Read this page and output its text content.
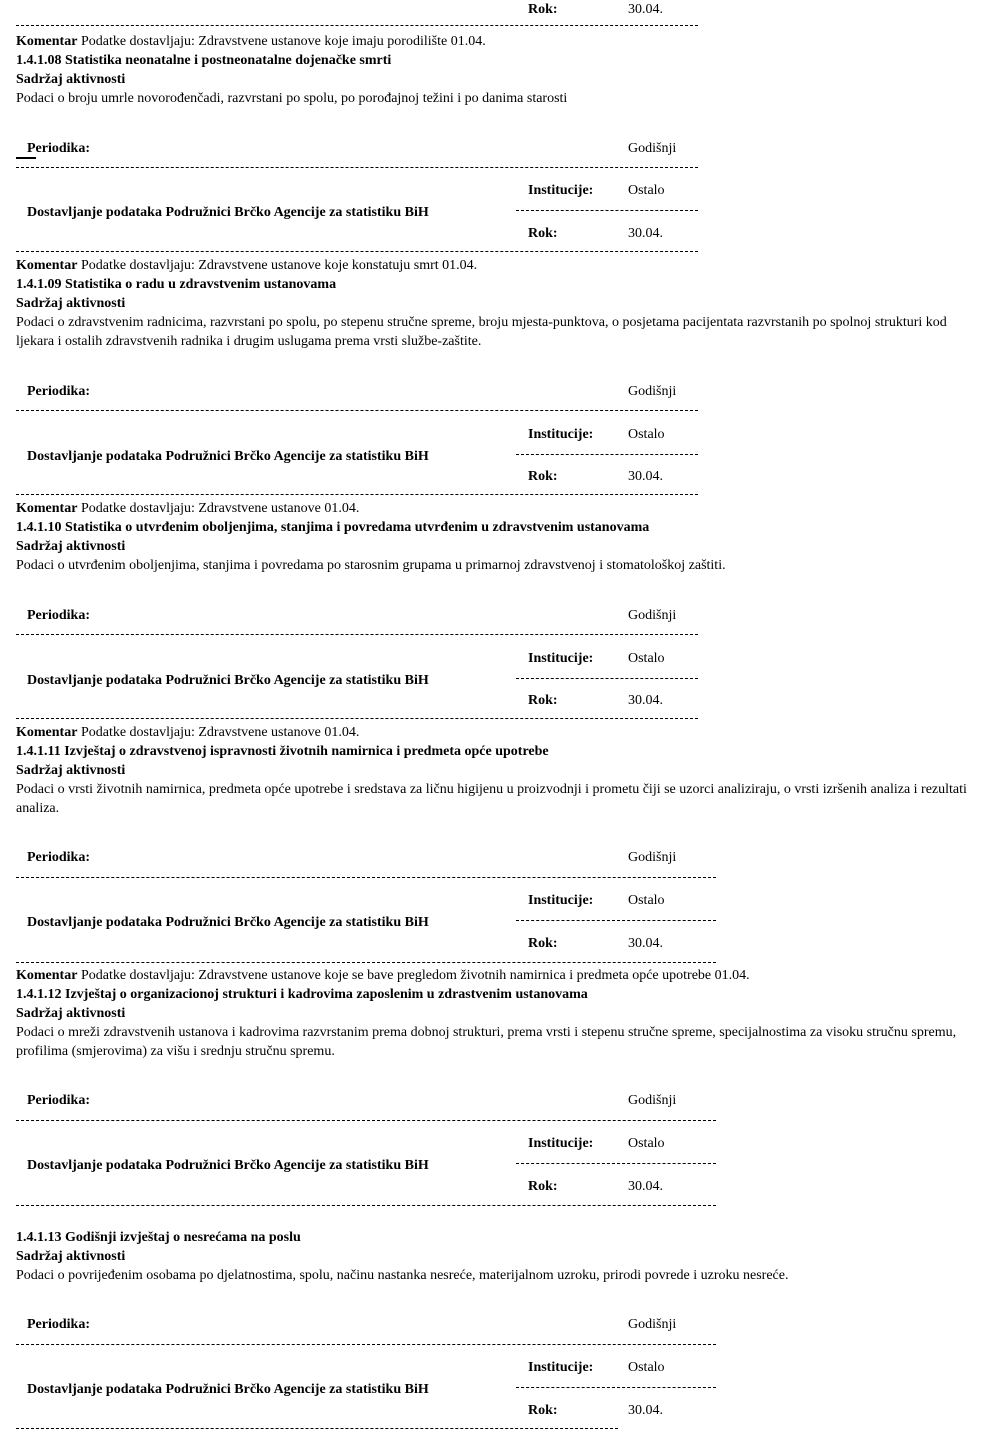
Rok:	30.04.
Komentar Podatke dostavljaju: Zdravstvene ustanove koje imaju porodilište 01.04.
1.4.1.08 Statistika neonatalne i postneonatalne dojenačke smrti
Sadržaj aktivnosti
Podaci o broju umrle novorođenčadi, razvrstani po spolu, po porođajnoj težini i po danima starosti
Periodika:	Godišnji
Institucije: Ostalo
Dostavljanje podataka Podružnici Brčko Agencije za statistiku BiH
Rok:	30.04.
Komentar Podatke dostavljaju: Zdravstvene ustanove koje konstatuju smrt 01.04.
1.4.1.09 Statistika o radu u zdravstvenim ustanovama
Sadržaj aktivnosti
Podaci o zdravstvenim radnicima, razvrstani po spolu, po stepenu stručne spreme, broju mjesta-punktova, o posjetama pacijentata razvrstanih po spolnoj strukturi kod ljekara i ostalih zdravstvenih radnika i drugim uslugama prema vrsti službe-zaštite.
Periodika:	Godišnji
Institucije: Ostalo
Dostavljanje podataka Podružnici Brčko Agencije za statistiku BiH
Rok:	30.04.
Komentar Podatke dostavljaju: Zdravstvene ustanove 01.04.
1.4.1.10 Statistika o utvrđenim oboljenjima, stanjima i povredama utvrđenim u zdravstvenim ustanovama
Sadržaj aktivnosti
Podaci o utvrđenim oboljenjima, stanjima i povredama po starosnim grupama u primarnoj zdravstvenoj i stomatološkoj zaštiti.
Periodika:	Godišnji
Institucije: Ostalo
Dostavljanje podataka Podružnici Brčko Agencije za statistiku BiH
Rok:	30.04.
Komentar Podatke dostavljaju: Zdravstvene ustanove 01.04.
1.4.1.11 Izvještaj o zdravstvenoj ispravnosti životnih namirnica i predmeta opće upotrebe
Sadržaj aktivnosti
Podaci o vrsti životnih namirnica, predmeta opće upotrebe i sredstava za ličnu higijenu u proizvodnji i prometu čiji se uzorci analiziraju, o vrsti izršenih analiza i rezultati analiza.
Periodika:	Godišnji
Institucije: Ostalo
Dostavljanje podataka Podružnici Brčko Agencije za statistiku BiH
Rok:	30.04.
Komentar Podatke dostavljaju: Zdravstvene ustanove koje se bave pregledom životnih namirnica i predmeta opće upotrebe 01.04.
1.4.1.12 Izvještaj o organizacionoj strukturi i kadrovima zaposlenim u zdrastvenim ustanovama
Sadržaj aktivnosti
Podaci o mreži zdravstvenih ustanova i kadrovima razvrstanim prema dobnoj strukturi, prema vrsti i stepenu stručne spreme, specijalnostima za visoku stručnu spremu, profilima (smjerovima) za višu i srednju stručnu spremu.
Periodika:	Godišnji
Institucije: Ostalo
Dostavljanje podataka Podružnici Brčko Agencije za statistiku BiH
Rok:	30.04.
1.4.1.13 Godišnji izvještaj o nesrećama na poslu
Sadržaj aktivnosti
Podaci o povrijeđenim osobama po djelatnostima, spolu, načinu nastanka nesreće, materijalnom uzroku, prirodi povrede i uzroku nesreće.
Periodika:	Godišnji
Institucije: Ostalo
Dostavljanje podataka Podružnici Brčko Agencije za statistiku BiH
Rok:	30.04.
